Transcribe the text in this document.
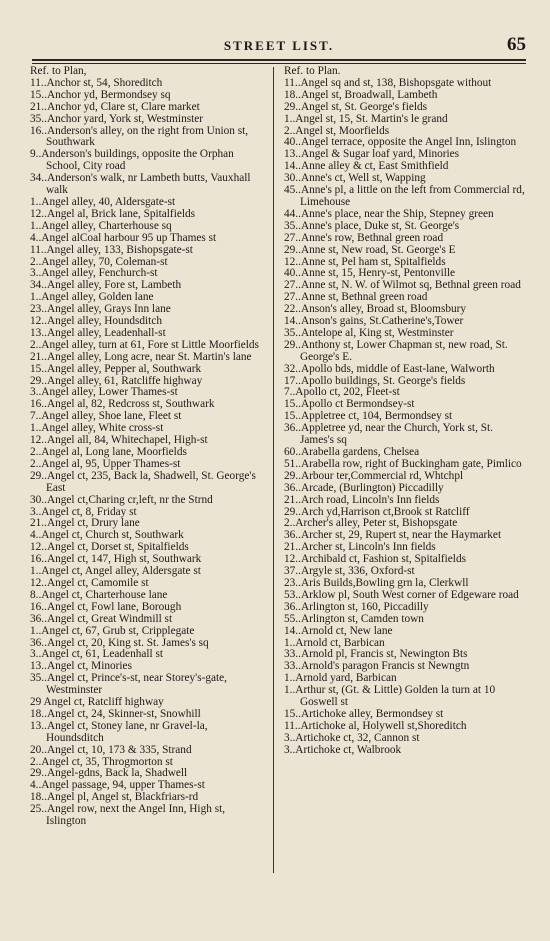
STREET LIST.	65
Ref. to Plan,
11..Anchor st, 54, Shoreditch
15..Anchor yd, Bermondsey sq
21..Anchor yd, Clare st, Clare market
35..Anchor yard, York st, Westminster
16..Anderson's alley, on the right from Union st, Southwark
9..Anderson's buildings, opposite the Orphan School, City road
34..Anderson's walk, nr Lambeth butts, Vauxhall walk
1..Angel alley, 40, Aldersgate-st
12..Angel al, Brick lane, Spitalfields
1..Angel alley, Charterhouse sq
4..Angel alCoal harbour 95 up Thames st
11..Angel alley, 133, Bishopsgate-st
2..Angel alley, 70, Coleman-st
3..Angel alley, Fenchurch-st
34..Angel alley, Fore st, Lambeth
1..Angel alley, Golden lane
23..Angel alley, Grays Inn lane
12..Angel alley, Houndsditch
13..Angel alley, Leadenhall-st
2..Angel alley, turn at 61, Fore st Little Moorfields
21..Angel alley, Long acre, near St. Martin's lane
15..Angel alley, Pepper al, Southwark
29..Angel alley, 61, Ratcliffe highway
3..Angel alley, Lower Thames-st
16..Angel al, 82, Redcross st, Southwark
7..Angel alley, Shoe lane, Fleet st
1..Angel alley, White cross-st
12..Angel all, 84, Whitechapel, High-st
2..Angel al, Long lane, Moorfields
2..Angel al, 95, Upper Thames-st
29..Angel ct, 235, Back la, Shadwell, St. George's East
30..Angel ct,Charing cr,left, nr the Strnd
3..Angel ct, 8, Friday st
21..Angel ct, Drury lane
4..Angel ct, Church st, Southwark
12..Angel ct, Dorset st, Spitalfields
16..Angel ct, 147, High st, Southwark
1..Angel ct, Angel alley, Aldersgate st
12..Angel ct, Camomile st
8..Angel ct, Charterhouse lane
16..Angel ct, Fowl lane, Borough
36..Angel ct, Great Windmill st
1..Angel ct, 67, Grub st, Cripplegate
36..Angel ct, 20, King st. St. James's sq
3..Angel ct, 61, Leadenhall st
13..Angel ct, Minories
35..Angel ct, Prince's-st, near Storey's-gate, Westminster
29 Angel ct, Ratcliff highway
18..Angel ct, 24, Skinner-st, Snowhill
13..Angel ct, Stoney lane, nr Gravel-la, Houndsditch
20..Angel ct, 10, 173 & 335, Strand
2..Angel ct, 35, Throgmorton st
29..Angel-gdns, Back la, Shadwell
4..Angel passage, 94, upper Thames-st
18..Angel pl, Angel st, Blackfriars-rd
25..Angel row, next the Angel Inn, High st, Islington
Ref. to Plan.
11..Angel sq and st, 138, Bishopsgate without
18..Angel st, Broadwall, Lambeth
29..Angel st, St. George's fields
1..Angel st, 15, St. Martin's le grand
2..Angel st, Moorfields
40..Angel terrace, opposite the Angel Inn, Islington
13..Angel & Sugar loaf yard, Minories
14..Anne alley & ct, East Smithfield
30..Anne's ct, Well st, Wapping
45..Anne's pl, a little on the left from Commercial rd, Limehouse
44..Anne's place, near the Ship, Stepney green
35..Anne's place, Duke st, St. George's
27..Anne's row, Bethnal green road
29..Anne st, New road, St. George's E
12..Anne st, Pel ham st, Spitalfields
40..Anne st, 15, Henry-st, Pentonville
27..Anne st, N. W. of Wilmot sq, Bethnal green road
27..Anne st, Bethnal green road
22..Anson's alley, Broad st, Bloomsbury
14..Anson's gains, St.Catherine's,Tower
35..Antelope al, King st, Westminster
29..Anthony st, Lower Chapman st, new road, St. George's E.
32..Apollo bds, middle of East-lane, Walworth
17..Apollo buildings, St. George's fields
7..Apollo ct, 202, Fleet-st
15..Apollo ct Bermondsey-st
15..Appletree ct, 104, Bermondsey st
36..Appletree yd, near the Church, York st, St. James's sq
60..Arabella gardens, Chelsea
51..Arabella row, right of Buckingham gate, Pimlico
29..Arbour ter,Commercial rd, Whtchpl
36..Arcade, (Burlington) Piccadilly
21..Arch road, Lincoln's Inn fields
29..Arch yd,Harrison ct,Brook st Ratcliff
2..Archer's alley, Peter st, Bishopsgate
36..Archer st, 29, Rupert st, near the Haymarket
21..Archer st, Lincoln's Inn fields
12..Archibald ct, Fashion st, Spitalfields
37..Argyle st, 336, Oxford-st
23..Aris Builds,Bowling grn la, Clerkwll
53..Arklow pl, South West corner of Edgeware road
36..Arlington st, 160, Piccadilly
55..Arlington st, Camden town
14..Arnold ct, New lane
1..Arnold ct, Barbican
33..Arnold pl, Francis st, Newington Bts
33..Arnold's paragon Francis st Newngtn
1..Arnold yard, Barbican
1..Arthur st, (Gt. & Little) Golden la turn at 10 Goswell st
15..Artichoke alley, Bermondsey st
11..Artichoke al, Holywell st,Shoreditch
3..Artichoke ct, 32, Cannon st
3..Artichoke ct, Walbrook
